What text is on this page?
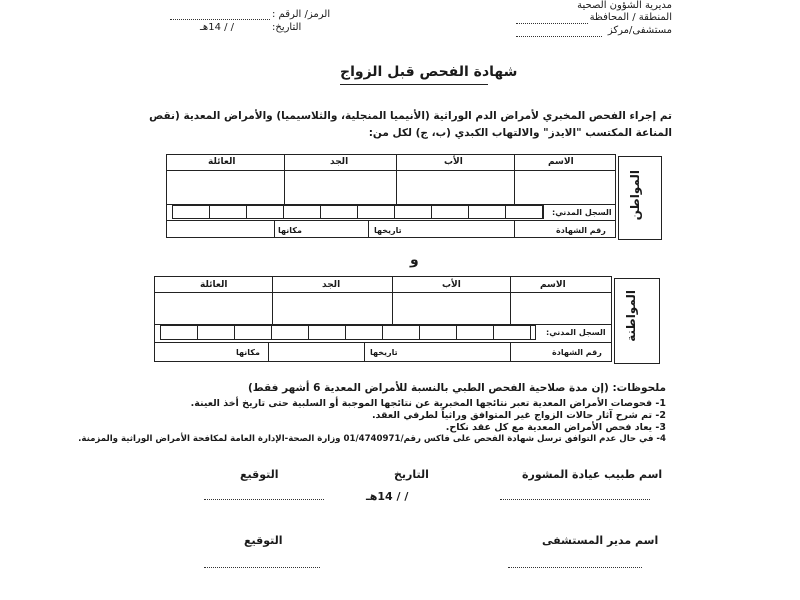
مديرية الشؤون الصحية
المنطقة / المحافظة
مستشفى/مركز
الرمز/ الرقم :
التاريخ:
/ / 14هـ
شهادة الفحص قبل الزواج
تم إجراء الفحص المخبري لأمراض الدم الوراثية (الأنيميا المنجلية، والثلاسيميا) والأمراض المعدية (نقص المناعة المكتسب "الايدز" والالتهاب الكبدي (ب، ج) لكل من:
المواطن
الاسم
الأب
الجد
العائلة
السجل المدني:
رقم الشهادة
تاريخها
مكانها
و
المواطنة
الاسم
الأب
الجد
العائلة
السجل المدني:
رقم الشهادة
تاريخها
مكانها
ملحوظات: (إن مدة صلاحية الفحص الطبي بالنسبة للأمراض المعدية 6 أشهر فقط)
1- فحوصات الأمراض المعدية تعبر نتائجها المخبرية عن نتائجها الموجبة أو السلبية حتى تاريخ أخذ العينة.
2- تم شرح آثار حالات الزواج غير المتوافق وراثياً لطرفي العقد.
3- يعاد فحص الأمراض المعدية مع كل عقد نكاح.
4- في حال عدم التوافق ترسل شهادة الفحص على فاكس رقم/01/4740971 وزارة الصحة-الإدارة العامة لمكافحة الأمراض الوراثية والمزمنة.
اسم طبيب عيادة المشورة
التاريخ
التوقيع
/ / 14هـ
اسم مدير المستشفى
التوقيع
